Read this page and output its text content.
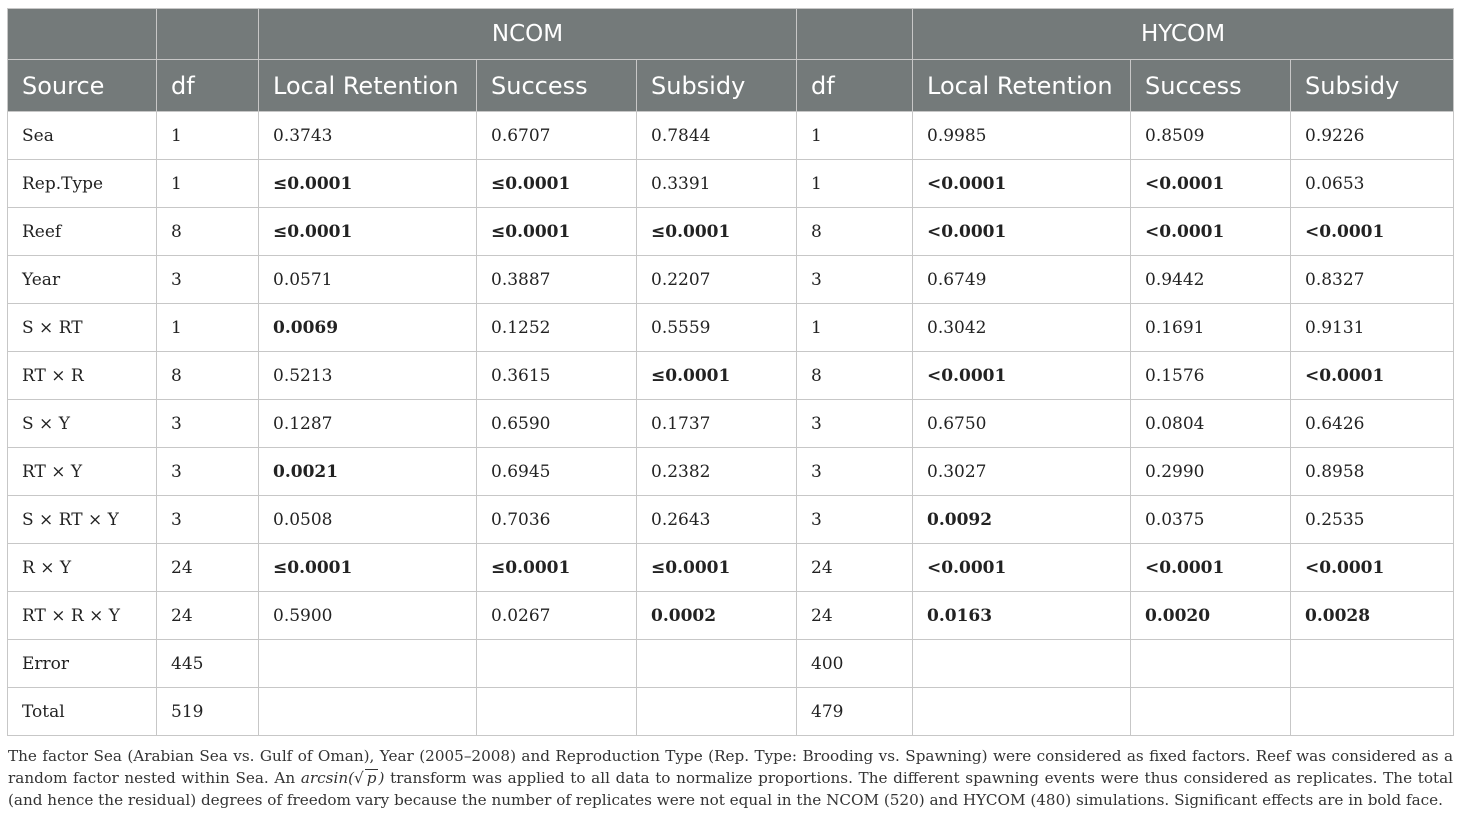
		NCOM				HYCOM		
Source	df	Local Retention	Success	Subsidy	df	Local Retention	Success	Subsidy
Sea	1	0.3743	0.6707	0.7844	1	0.9985	0.8509	0.9226
Rep.Type	1	≤0.0001	≤0.0001	0.3391	1	<0.0001	<0.0001	0.0653
Reef	8	≤0.0001	≤0.0001	≤0.0001	8	<0.0001	<0.0001	<0.0001
Year	3	0.0571	0.3887	0.2207	3	0.6749	0.9442	0.8327
S × RT	1	0.0069	0.1252	0.5559	1	0.3042	0.1691	0.9131
RT × R	8	0.5213	0.3615	≤0.0001	8	<0.0001	0.1576	<0.0001
S × Y	3	0.1287	0.6590	0.1737	3	0.6750	0.0804	0.6426
RT × Y	3	0.0021	0.6945	0.2382	3	0.3027	0.2990	0.8958
S × RT × Y	3	0.0508	0.7036	0.2643	3	0.0092	0.0375	0.2535
R × Y	24	≤0.0001	≤0.0001	≤0.0001	24	<0.0001	<0.0001	<0.0001
RT × R × Y	24	0.5900	0.0267	0.0002	24	0.0163	0.0020	0.0028
Error	445				400			
Total	519				479			

The factor Sea (Arabian Sea vs. Gulf of Oman), Year (2005–2008) and Reproduction Type (Rep. Type: Brooding vs. Spawning) were considered as fixed factors. Reef was considered as a random factor nested within Sea. An arcsin(√ p ) transform was applied to all data to normalize proportions. The different spawning events were thus considered as replicates. The total (and hence the residual) degrees of freedom vary because the number of replicates were not equal in the NCOM (520) and HYCOM (480) simulations. Significant effects are in bold face.
